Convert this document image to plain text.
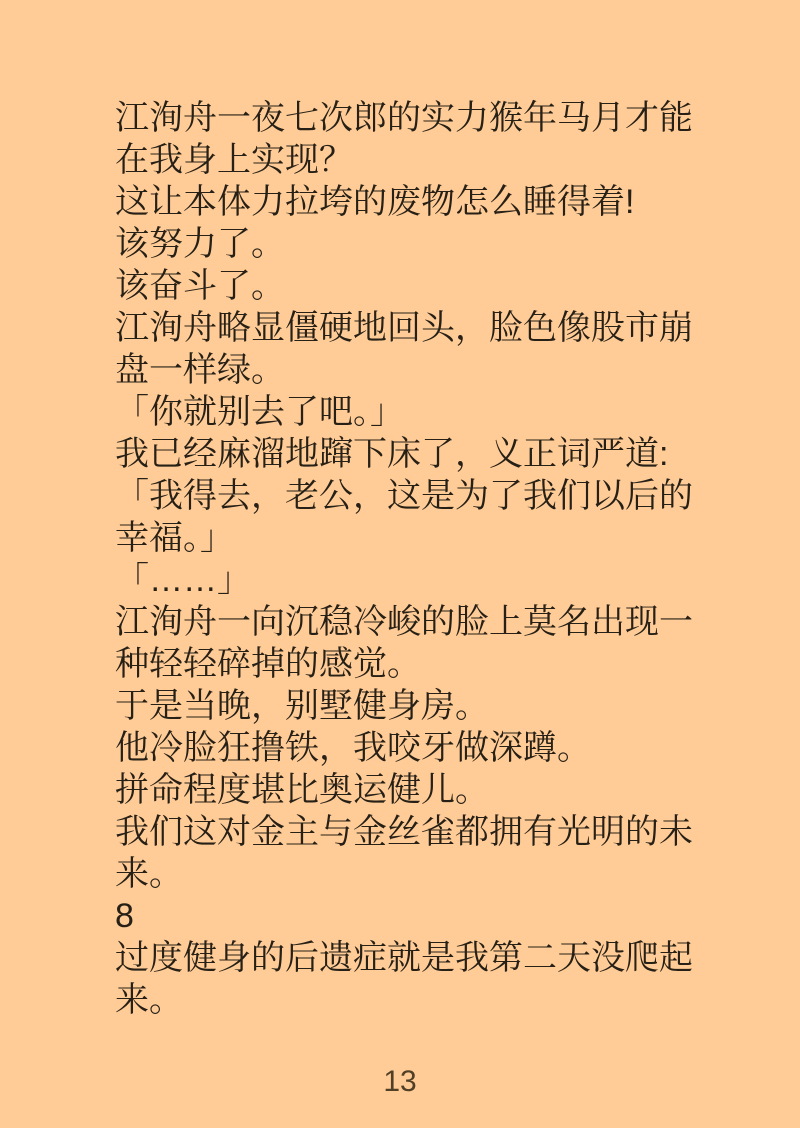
江洵舟一夜七次郎的实力猴年马月才能
在我身上实现？
这让本体力拉垮的废物怎么睡得着!
该努力了。
该奋斗了。
江洵舟略显僵硬地回头，脸色像股市崩
盘一样绿。
「你就别去了吧。」
我已经麻溜地蹿下床了，义正词严道:
「我得去，老公，这是为了我们以后的
幸福。」
「……」
江洵舟一向沉稳冷峻的脸上莫名出现一
种轻轻碎掉的感觉。
于是当晚，别墅健身房。
他冷脸狂撸铁，我咬牙做深蹲。
拼命程度堪比奥运健儿。
我们这对金主与金丝雀都拥有光明的未
来。
8
过度健身的后遗症就是我第二天没爬起
来。
13
